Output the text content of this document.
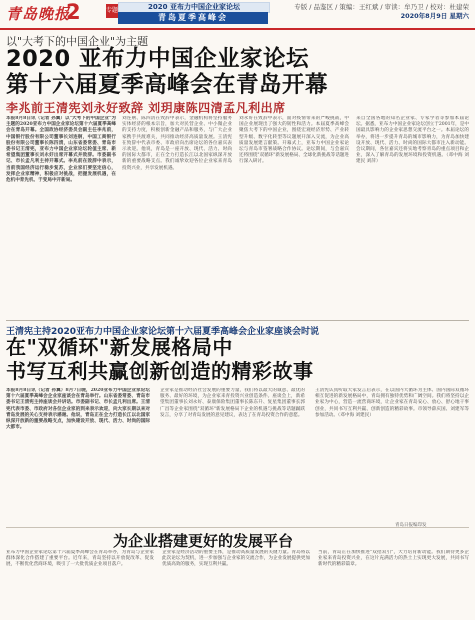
青岛晚报
2	专题	2020 亚布力中国企业家论坛
青岛夏季高峰会
专版 / 品鉴区 / 策编：王红斌 / 审读：牟乃卫 / 校对：杜建荣
2020年8月9日 星期六
以"大考下的中国企业"为主题
2020 亚布力中国企业家论坛
第十六届夏季高峰会在青岛开幕
李兆前王清宪刘永好致辞 刘玥康陈四清孟凡利出席

本报8月8日讯（记者 孙翼）以"大考下的中国企业"为主题的2020亚布力中国企业家论坛第十六届夏季高峰会在青岛开幕。全国政协经济委员会副主任李兆前，中国银行股份有限公司董事长刘连舸，中国工商银行股份有限公司董事长陈四清，山东省委常委、青岛市委书记王清宪，亚布力中国企业家论坛轮值主席、新希望集团董事长刘永好出席开幕式并致辞。市委副书记、市长孟凡利主持开幕式。李兆前在致辞中表示，当前我国经济运行稳步复苏，企业家们要坚定信心，发挥企业家精神，积极应对挑战，把握发展机遇，在危机中育先机、于变局中开新局。

刘连舸、陈四清在致辞中表示，金融机构将坚持服务实体经济的根本宗旨，加大对民营企业、中小微企业的支持力度，积极创新金融产品和服务，与广大企业家携手共渡难关，共同推动经济高质量发展。王清宪在致辞中代表市委、市政府向出席论坛的各位嘉宾表示欢迎。他说，青岛是一座开放、现代、活力、时尚的国际大都市，正在全力打造长江以北国家纵深开放新的重要战略支点。我们诚挚欢迎各位企业家来青岛投资兴业，共享发展机遇。

刘永好在致辞中表示，面对疫情带来的严峻挑战，中国企业展现出了强大的韧性和活力。本届夏季高峰会聚焦大考下的中国企业，围绕宏观经济形势、产业转型升级、数字化转型等议题展开深入交流，为企业高质量发展建言献策。开幕式上，亚布力中国企业家论坛与青岛市签署战略合作协议。论坛期间，与会嘉宾还将围绕"双循环"新发展格局、全球化新挑战等话题进行深入研讨。

来自全国各地的知名企业家、专家学者等参加本届论坛。据悉，亚布力中国企业家论坛创立于2001年，是中国最具影响力的企业家思想交流平台之一。本届论坛的举办，将进一步提升青岛的城市影响力，为青岛加快建设开放、现代、活力、时尚的国际大都市注入新动能。会议期间，各位嘉宾还将实地考察青岛的重点项目和企业，深入了解青岛的发展环境和投资机遇。（邓中海 刘建民 刘萍）

王清宪主持2020亚布力中国企业家论坛第十六届夏季高峰会企业家座谈会时说
在"双循环"新发展格局中
书写互利共赢创新创造的精彩故事

本报8月8日讯（记者 孙翼）8月7日晚，2020亚布力中国企业家论坛第十六届夏季高峰会企业家座谈会在青岛举行。山东省委常委、青岛市委书记王清宪主持座谈会并讲话。市委副书记、市长孟凡利出席。王清宪代表市委、市政府对各位企业家的到来表示欢迎，向大家长期以来对青岛发展的关心支持表示感谢。他说，青岛正在全力打造长江以北国家纵深开放新的重要战略支点，加快建设开放、现代、活力、时尚的国际大都市。

企业家是推动经济社会发展的重要力量，我们将以最大的诚意、最优的服务、最好的环境，为企业家来青投资兴业创造条件。座谈会上，新希望集团董事长刘永好、泰康保险集团董事长陈东升、复星集团董事长郭广昌等企业家围绕"双循环"新发展格局下企业的机遇与挑战等话题踊跃发言，分享了对青岛发展的意见建议，表达了在青岛投资合作的意愿。

王清宪认真听取大家发言后表示，在以国内大循环为主体、国内国际双循环相互促进的新发展格局中，青岛拥有独特优势和广阔空间。我们将坚持以企业家为中心，营造一流营商环境，让企业家在青岛安心、放心、舒心地干事创业，共同书写互利共赢、创新创造的精彩故事。市领导薛庆国、刘建军等参加活动。（邓中海 刘建民）

青岛日报编印发
为企业搭建更好的发展平台

亚布力中国企业家论坛第十六届夏季高峰会在青岛举办，为青岛与企业家群体深化合作搭建了重要平台。近年来，青岛坚持以开放促改革、促发展，不断优化营商环境，吸引了一大批优质企业项目落户。

企业家是经济活动的重要主体，是推动高质量发展的关键力量。青岛将以此次论坛为契机，进一步加强与企业家的交流合作，为企业发展提供更加优质高效的服务，实现互利共赢。

当前，青岛正在加快推进"双招双引"，大力培育新动能。我们期待更多企业家来青岛投资兴业，在这片充满活力的热土上实现更大发展，共同书写新时代的精彩篇章。
